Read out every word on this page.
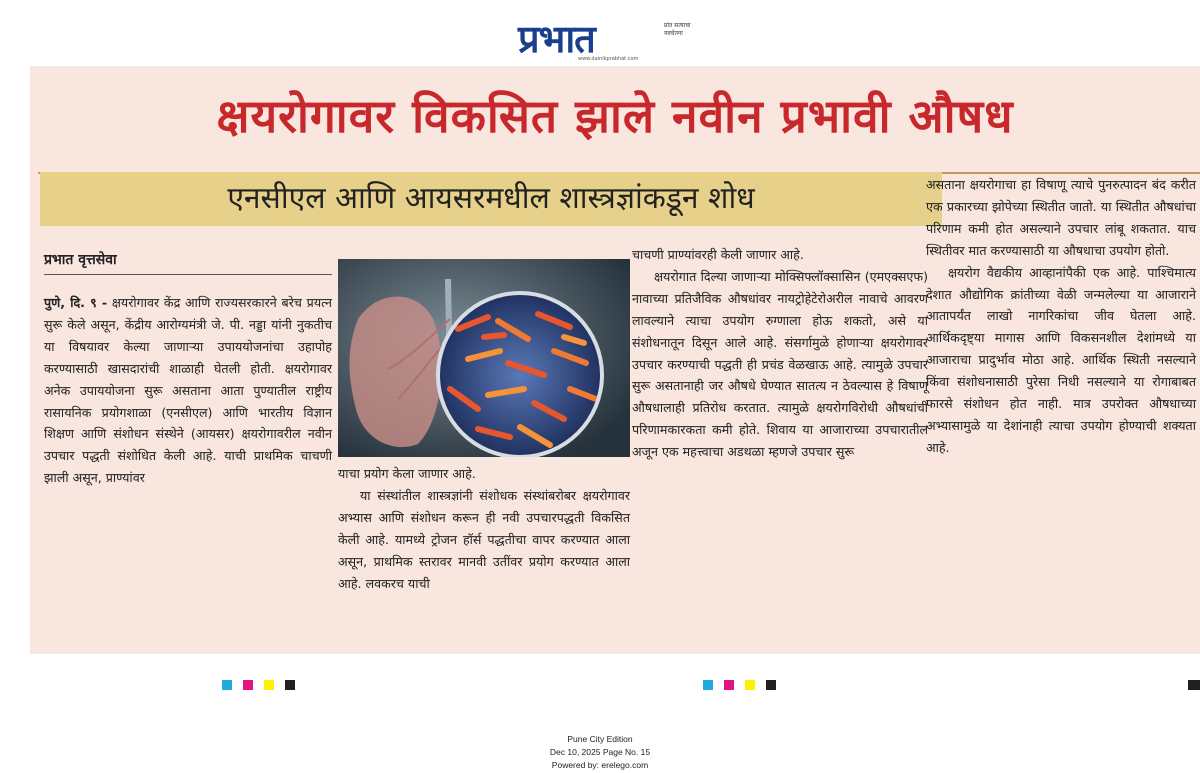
प्रभात	प्रांत सत्याचा नवचेतना
www.dainikprabhat.com
क्षयरोगावर विकसित झाले नवीन प्रभावी औषध
एनसीएल आणि आयसरमधील शास्त्रज्ञांकडून शोध
प्रभात वृत्तसेवा

पुणे, दि. ९ - क्षयरोगावर केंद्र आणि राज्यसरकारने बरेच प्रयत्न सुरू केले असून, केंद्रीय आरोग्यमंत्री जे. पी. नड्डा यांनी नुकतीच या विषयावर केल्या जाणाऱ्या उपाययोजनांचा उहापोह करण्यासाठी खासदारांची शाळाही घेतली होती. क्षयरोगावर अनेक उपाययोजना सुरू असताना आता पुण्यातील राष्ट्रीय रासायनिक प्रयोगशाळा (एनसीएल) आणि भारतीय विज्ञान शिक्षण आणि संशोधन संस्थेने (आयसर) क्षयरोगावरील नवीन उपचार पद्धती संशोधित केली आहे. याची प्राथमिक चाचणी झाली असून, प्राण्यांवर	याचा प्रयोग केला जाणार आहे.

या संस्थांतील शास्त्रज्ञांनी संशोधक संस्थांबरोबर क्षयरोगावर अभ्यास आणि संशोधन करून ही नवी उपचारपद्धती विकसित केली आहे. यामध्ये ट्रोजन हॉर्स पद्धतीचा वापर करण्यात आला असून, प्राथमिक स्तरावर मानवी उतींवर प्रयोग करण्यात आला आहे. लवकरच याची

चाचणी प्राण्यांवरही केली जाणार आहे.

क्षयरोगात दिल्या जाणाऱ्या मोक्सिफ्लॉक्सासिन (एमएक्सएफ) नावाच्या प्रतिजैविक औषधांवर नायट्रोहेटेरोअरील नावाचे आवरण लावल्याने त्याचा उपयोग रुग्णाला होऊ शकतो, असे या संशोधनातून दिसून आले आहे. संसर्गामुळे होणाऱ्या क्षयरोगावर उपचार करण्याची पद्धती ही प्रचंड वेळखाऊ आहे. त्यामुळे उपचार सुरू असतानाही जर औषधे घेण्यात सातत्य न ठेवल्यास हे विषाणू औषधालाही प्रतिरोध करतात. त्यामुळे क्षयरोगविरोधी औषधांची परिणामकारकता कमी होते. शिवाय या आजाराच्या उपचारातील अजून एक महत्त्वाचा अडथळा म्हणजे उपचार सुरू

असताना क्षयरोगाचा हा विषाणू त्याचे पुनरुत्पादन बंद करीत एक प्रकारच्या झोपेच्या स्थितीत जातो. या स्थितीत औषधांचा परिणाम कमी होत असल्याने उपचार लांबू शकतात. याच स्थितीवर मात करण्यासाठी या औषधाचा उपयोग होतो.

क्षयरोग वैद्यकीय आव्हानांपैकी एक आहे. पाश्चिमात्य देशात औद्योगिक क्रांतीच्या वेळी जन्मलेल्या या आजाराने आतापर्यंत लाखो नागरिकांचा जीव घेतला आहे. आर्थिकदृष्ट्या मागास आणि विकसनशील देशांमध्ये या आजाराचा प्रादुर्भाव मोठा आहे. आर्थिक स्थिती नसल्याने किंवा संशोधनासाठी पुरेसा निधी नसल्याने या रोगाबाबत फारसे संशोधन होत नाही. मात्र उपरोक्त औषधाच्या अभ्यासामुळे या देशांनाही त्याचा उपयोग होण्याची शक्यता आहे.

Pune City Edition
Dec 10, 2025 Page No. 15
Powered by: erelego.com
